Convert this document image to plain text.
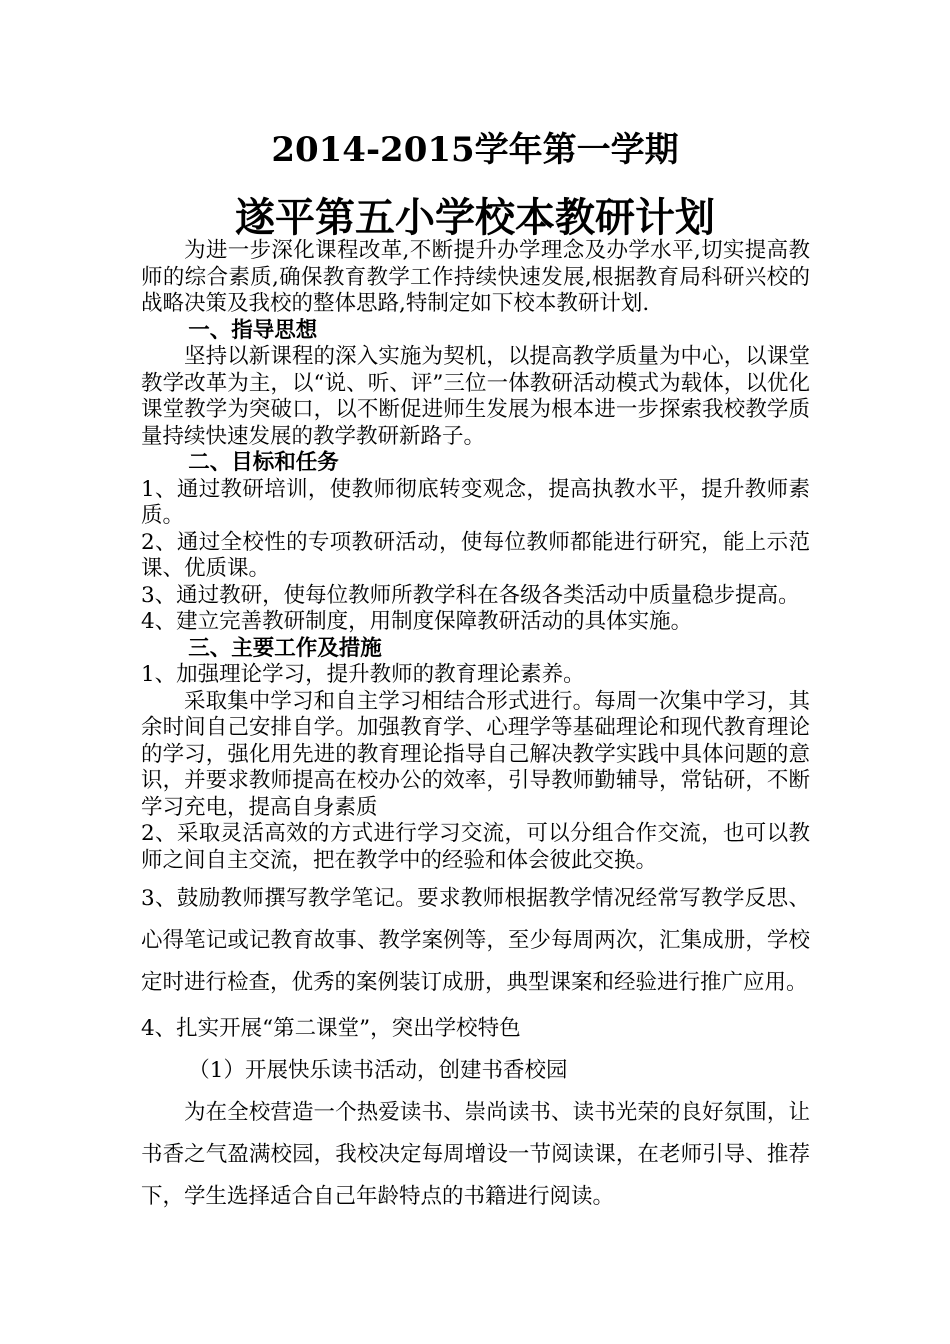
2014-2015学年第一学期
遂平第五小学校本教研计划

为进一步深化课程改革,不断提升办学理念及办学水平,切实提高教师的综合素质,确保教育教学工作持续快速发展,根据教育局科研兴校的战略决策及我校的整体思路,特制定如下校本教研计划.

一、指导思想

坚持以新课程的深入实施为契机，以提高教学质量为中心，以课堂教学改革为主，以“说、听、评”三位一体教研活动模式为载体，以优化课堂教学为突破口，以不断促进师生发展为根本进一步探索我校教学质量持续快速发展的教学教研新路子。

二、目标和任务

1、通过教研培训，使教师彻底转变观念，提高执教水平，提升教师素质。

2、通过全校性的专项教研活动，使每位教师都能进行研究，能上示范课、优质课。

3、通过教研，使每位教师所教学科在各级各类活动中质量稳步提高。

4、建立完善教研制度，用制度保障教研活动的具体实施。

三、主要工作及措施

1、加强理论学习，提升教师的教育理论素养。

采取集中学习和自主学习相结合形式进行。每周一次集中学习，其余时间自己安排自学。加强教育学、心理学等基础理论和现代教育理论的学习，强化用先进的教育理论指导自己解决教学实践中具体问题的意识，并要求教师提高在校办公的效率，引导教师勤辅导，常钻研，不断学习充电，提高自身素质

2、采取灵活高效的方式进行学习交流，可以分组合作交流，也可以教师之间自主交流，把在教学中的经验和体会彼此交换。

3、鼓励教师撰写教学笔记。要求教师根据教学情况经常写教学反思、心得笔记或记教育故事、教学案例等，至少每周两次，汇集成册，学校定时进行检查，优秀的案例装订成册，典型课案和经验进行推广应用。

4、扎实开展“第二课堂”，突出学校特色

（1）开展快乐读书活动，创建书香校园

为在全校营造一个热爱读书、崇尚读书、读书光荣的良好氛围，让书香之气盈满校园，我校决定每周增设一节阅读课，在老师引导、推荐下，学生选择适合自己年龄特点的书籍进行阅读。
